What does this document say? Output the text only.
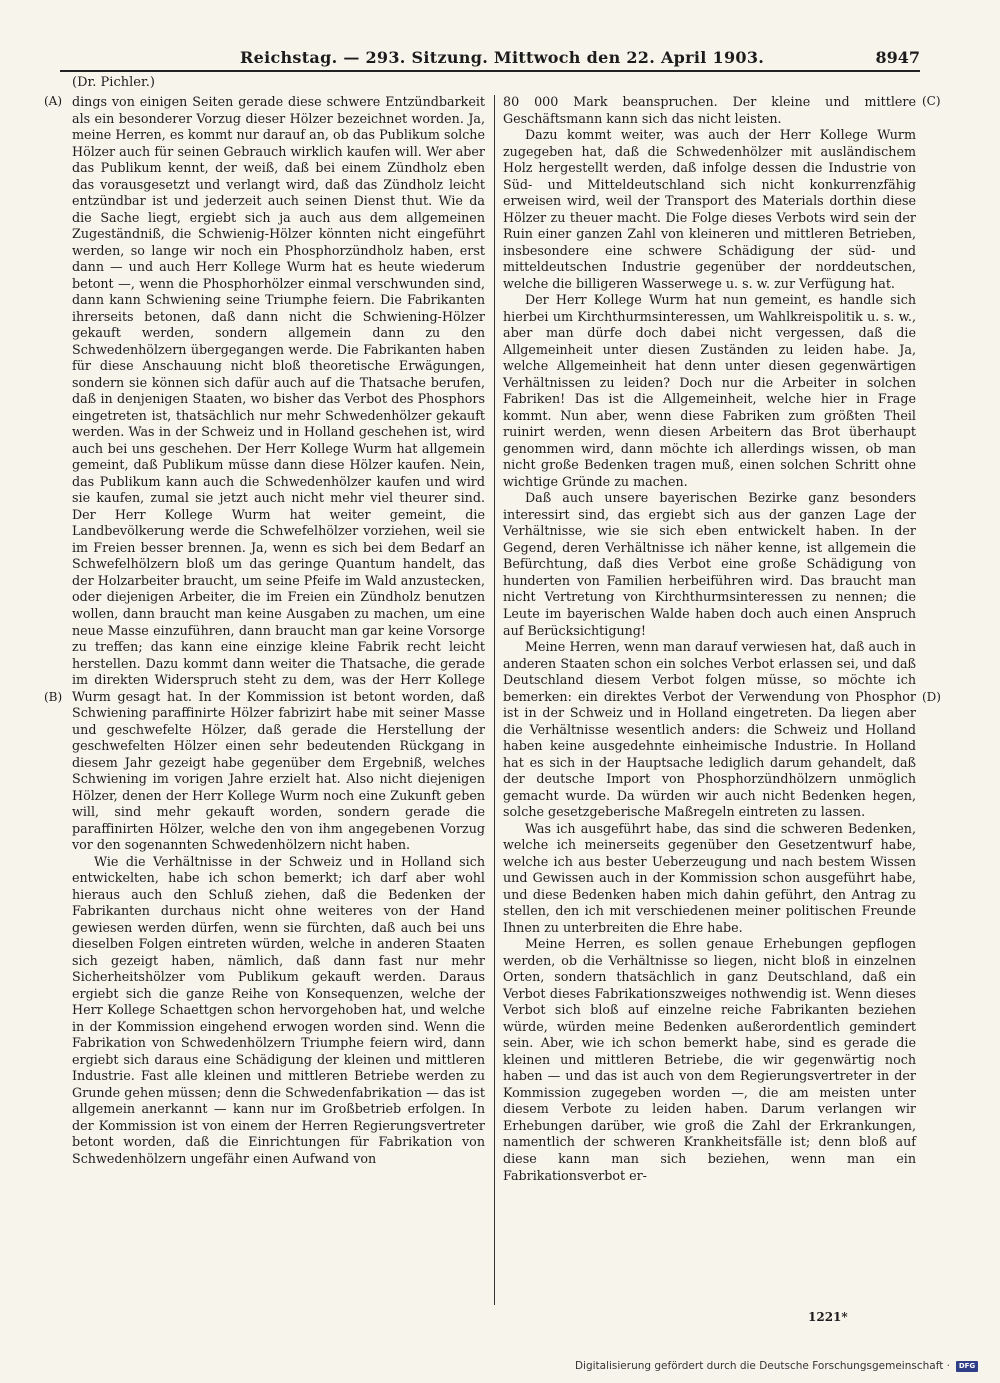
Reichstag. — 293. Sitzung. Mittwoch den 22. April 1903.	8947
(Dr. Pichler.)
(A)
(B)
(C)
(D)

dings von einigen Seiten gerade diese schwere Entzündbarkeit als ein besonderer Vorzug dieser Hölzer bezeichnet worden. Ja, meine Herren, es kommt nur darauf an, ob das Publikum solche Hölzer auch für seinen Gebrauch wirklich kaufen will. Wer aber das Publikum kennt, der weiß, daß bei einem Zündholz eben das vorausgesetzt und verlangt wird, daß das Zündholz leicht entzündbar ist und jederzeit auch seinen Dienst thut. Wie da die Sache liegt, ergiebt sich ja auch aus dem allgemeinen Zugeständniß, die Schwienig-Hölzer könnten nicht eingeführt werden, so lange wir noch ein Phosphorzündholz haben, erst dann — und auch Herr Kollege Wurm hat es heute wiederum betont —, wenn die Phosphorhölzer einmal verschwunden sind, dann kann Schwiening seine Triumphe feiern. Die Fabrikanten ihrerseits betonen, daß dann nicht die Schwiening-Hölzer gekauft werden, sondern allgemein dann zu den Schwedenhölzern übergegangen werde. Die Fabrikanten haben für diese Anschauung nicht bloß theoretische Erwägungen, sondern sie können sich dafür auch auf die Thatsache berufen, daß in denjenigen Staaten, wo bisher das Verbot des Phosphors eingetreten ist, thatsächlich nur mehr Schwedenhölzer gekauft werden. Was in der Schweiz und in Holland geschehen ist, wird auch bei uns geschehen. Der Herr Kollege Wurm hat allgemein gemeint, daß Publikum müsse dann diese Hölzer kaufen. Nein, das Publikum kann auch die Schwedenhölzer kaufen und wird sie kaufen, zumal sie jetzt auch nicht mehr viel theurer sind. Der Herr Kollege Wurm hat weiter gemeint, die Landbevölkerung werde die Schwefelhölzer vorziehen, weil sie im Freien besser brennen. Ja, wenn es sich bei dem Bedarf an Schwefelhölzern bloß um das geringe Quantum handelt, das der Holzarbeiter braucht, um seine Pfeife im Wald anzustecken, oder diejenigen Arbeiter, die im Freien ein Zündholz benutzen wollen, dann braucht man keine Ausgaben zu machen, um eine neue Masse einzuführen, dann braucht man gar keine Vorsorge zu treffen; das kann eine einzige kleine Fabrik recht leicht herstellen. Dazu kommt dann weiter die Thatsache, die gerade im direkten Widerspruch steht zu dem, was der Herr Kollege Wurm gesagt hat. In der Kommission ist betont worden, daß Schwiening paraffinirte Hölzer fabrizirt habe mit seiner Masse und geschwefelte Hölzer, daß gerade die Herstellung der geschwefelten Hölzer einen sehr bedeutenden Rückgang in diesem Jahr gezeigt habe gegenüber dem Ergebniß, welches Schwiening im vorigen Jahre erzielt hat. Also nicht diejenigen Hölzer, denen der Herr Kollege Wurm noch eine Zukunft geben will, sind mehr gekauft worden, sondern gerade die paraffinirten Hölzer, welche den von ihm angegebenen Vorzug vor den sogenannten Schwedenhölzern nicht haben.

Wie die Verhältnisse in der Schweiz und in Holland sich entwickelten, habe ich schon bemerkt; ich darf aber wohl hieraus auch den Schluß ziehen, daß die Bedenken der Fabrikanten durchaus nicht ohne weiteres von der Hand gewiesen werden dürfen, wenn sie fürchten, daß auch bei uns dieselben Folgen eintreten würden, welche in anderen Staaten sich gezeigt haben, nämlich, daß dann fast nur mehr Sicherheitshölzer vom Publikum gekauft werden. Daraus ergiebt sich die ganze Reihe von Konsequenzen, welche der Herr Kollege Schaettgen schon hervorgehoben hat, und welche in der Kommission eingehend erwogen worden sind. Wenn die Fabrikation von Schwedenhölzern Triumphe feiern wird, dann ergiebt sich daraus eine Schädigung der kleinen und mittleren Industrie. Fast alle kleinen und mittleren Betriebe werden zu Grunde gehen müssen; denn die Schwedenfabrikation — das ist allgemein anerkannt — kann nur im Großbetrieb erfolgen. In der Kommission ist von einem der Herren Regierungsvertreter betont worden, daß die Einrichtungen für Fabrikation von Schwedenhölzern ungefähr einen Aufwand von

80 000 Mark beanspruchen. Der kleine und mittlere Geschäftsmann kann sich das nicht leisten.

Dazu kommt weiter, was auch der Herr Kollege Wurm zugegeben hat, daß die Schwedenhölzer mit ausländischem Holz hergestellt werden, daß infolge dessen die Industrie von Süd- und Mitteldeutschland sich nicht konkurrenzfähig erweisen wird, weil der Transport des Materials dorthin diese Hölzer zu theuer macht. Die Folge dieses Verbots wird sein der Ruin einer ganzen Zahl von kleineren und mittleren Betrieben, insbesondere eine schwere Schädigung der süd- und mitteldeutschen Industrie gegenüber der norddeutschen, welche die billigeren Wasserwege u. s. w. zur Verfügung hat.

Der Herr Kollege Wurm hat nun gemeint, es handle sich hierbei um Kirchthurmsinteressen, um Wahlkreispolitik u. s. w., aber man dürfe doch dabei nicht vergessen, daß die Allgemeinheit unter diesen Zuständen zu leiden habe. Ja, welche Allgemeinheit hat denn unter diesen gegenwärtigen Verhältnissen zu leiden? Doch nur die Arbeiter in solchen Fabriken! Das ist die Allgemeinheit, welche hier in Frage kommt. Nun aber, wenn diese Fabriken zum größten Theil ruinirt werden, wenn diesen Arbeitern das Brot überhaupt genommen wird, dann möchte ich allerdings wissen, ob man nicht große Bedenken tragen muß, einen solchen Schritt ohne wichtige Gründe zu machen.

Daß auch unsere bayerischen Bezirke ganz besonders interessirt sind, das ergiebt sich aus der ganzen Lage der Verhältnisse, wie sie sich eben entwickelt haben. In der Gegend, deren Verhältnisse ich näher kenne, ist allgemein die Befürchtung, daß dies Verbot eine große Schädigung von hunderten von Familien herbeiführen wird. Das braucht man nicht Vertretung von Kirchthurmsinteressen zu nennen; die Leute im bayerischen Walde haben doch auch einen Anspruch auf Berücksichtigung!

Meine Herren, wenn man darauf verwiesen hat, daß auch in anderen Staaten schon ein solches Verbot erlassen sei, und daß Deutschland diesem Verbot folgen müsse, so möchte ich bemerken: ein direktes Verbot der Verwendung von Phosphor ist in der Schweiz und in Holland eingetreten. Da liegen aber die Verhältnisse wesentlich anders: die Schweiz und Holland haben keine ausgedehnte einheimische Industrie. In Holland hat es sich in der Hauptsache lediglich darum gehandelt, daß der deutsche Import von Phosphorzündhölzern unmöglich gemacht wurde. Da würden wir auch nicht Bedenken hegen, solche gesetzgeberische Maßregeln eintreten zu lassen.

Was ich ausgeführt habe, das sind die schweren Bedenken, welche ich meinerseits gegenüber den Gesetzentwurf habe, welche ich aus bester Ueberzeugung und nach bestem Wissen und Gewissen auch in der Kommission schon ausgeführt habe, und diese Bedenken haben mich dahin geführt, den Antrag zu stellen, den ich mit verschiedenen meiner politischen Freunde Ihnen zu unterbreiten die Ehre habe.

Meine Herren, es sollen genaue Erhebungen gepflogen werden, ob die Verhältnisse so liegen, nicht bloß in einzelnen Orten, sondern thatsächlich in ganz Deutschland, daß ein Verbot dieses Fabrikationszweiges nothwendig ist. Wenn dieses Verbot sich bloß auf einzelne reiche Fabrikanten beziehen würde, würden meine Bedenken außerordentlich gemindert sein. Aber, wie ich schon bemerkt habe, sind es gerade die kleinen und mittleren Betriebe, die wir gegenwärtig noch haben — und das ist auch von dem Regierungsvertreter in der Kommission zugegeben worden —, die am meisten unter diesem Verbote zu leiden haben. Darum verlangen wir Erhebungen darüber, wie groß die Zahl der Erkrankungen, namentlich der schweren Krankheitsfälle ist; denn bloß auf diese kann man sich beziehen, wenn man ein Fabrikationsverbot er-

1221*
Digitalisierung gefördert durch die Deutsche Forschungsgemeinschaft ·	DFG
